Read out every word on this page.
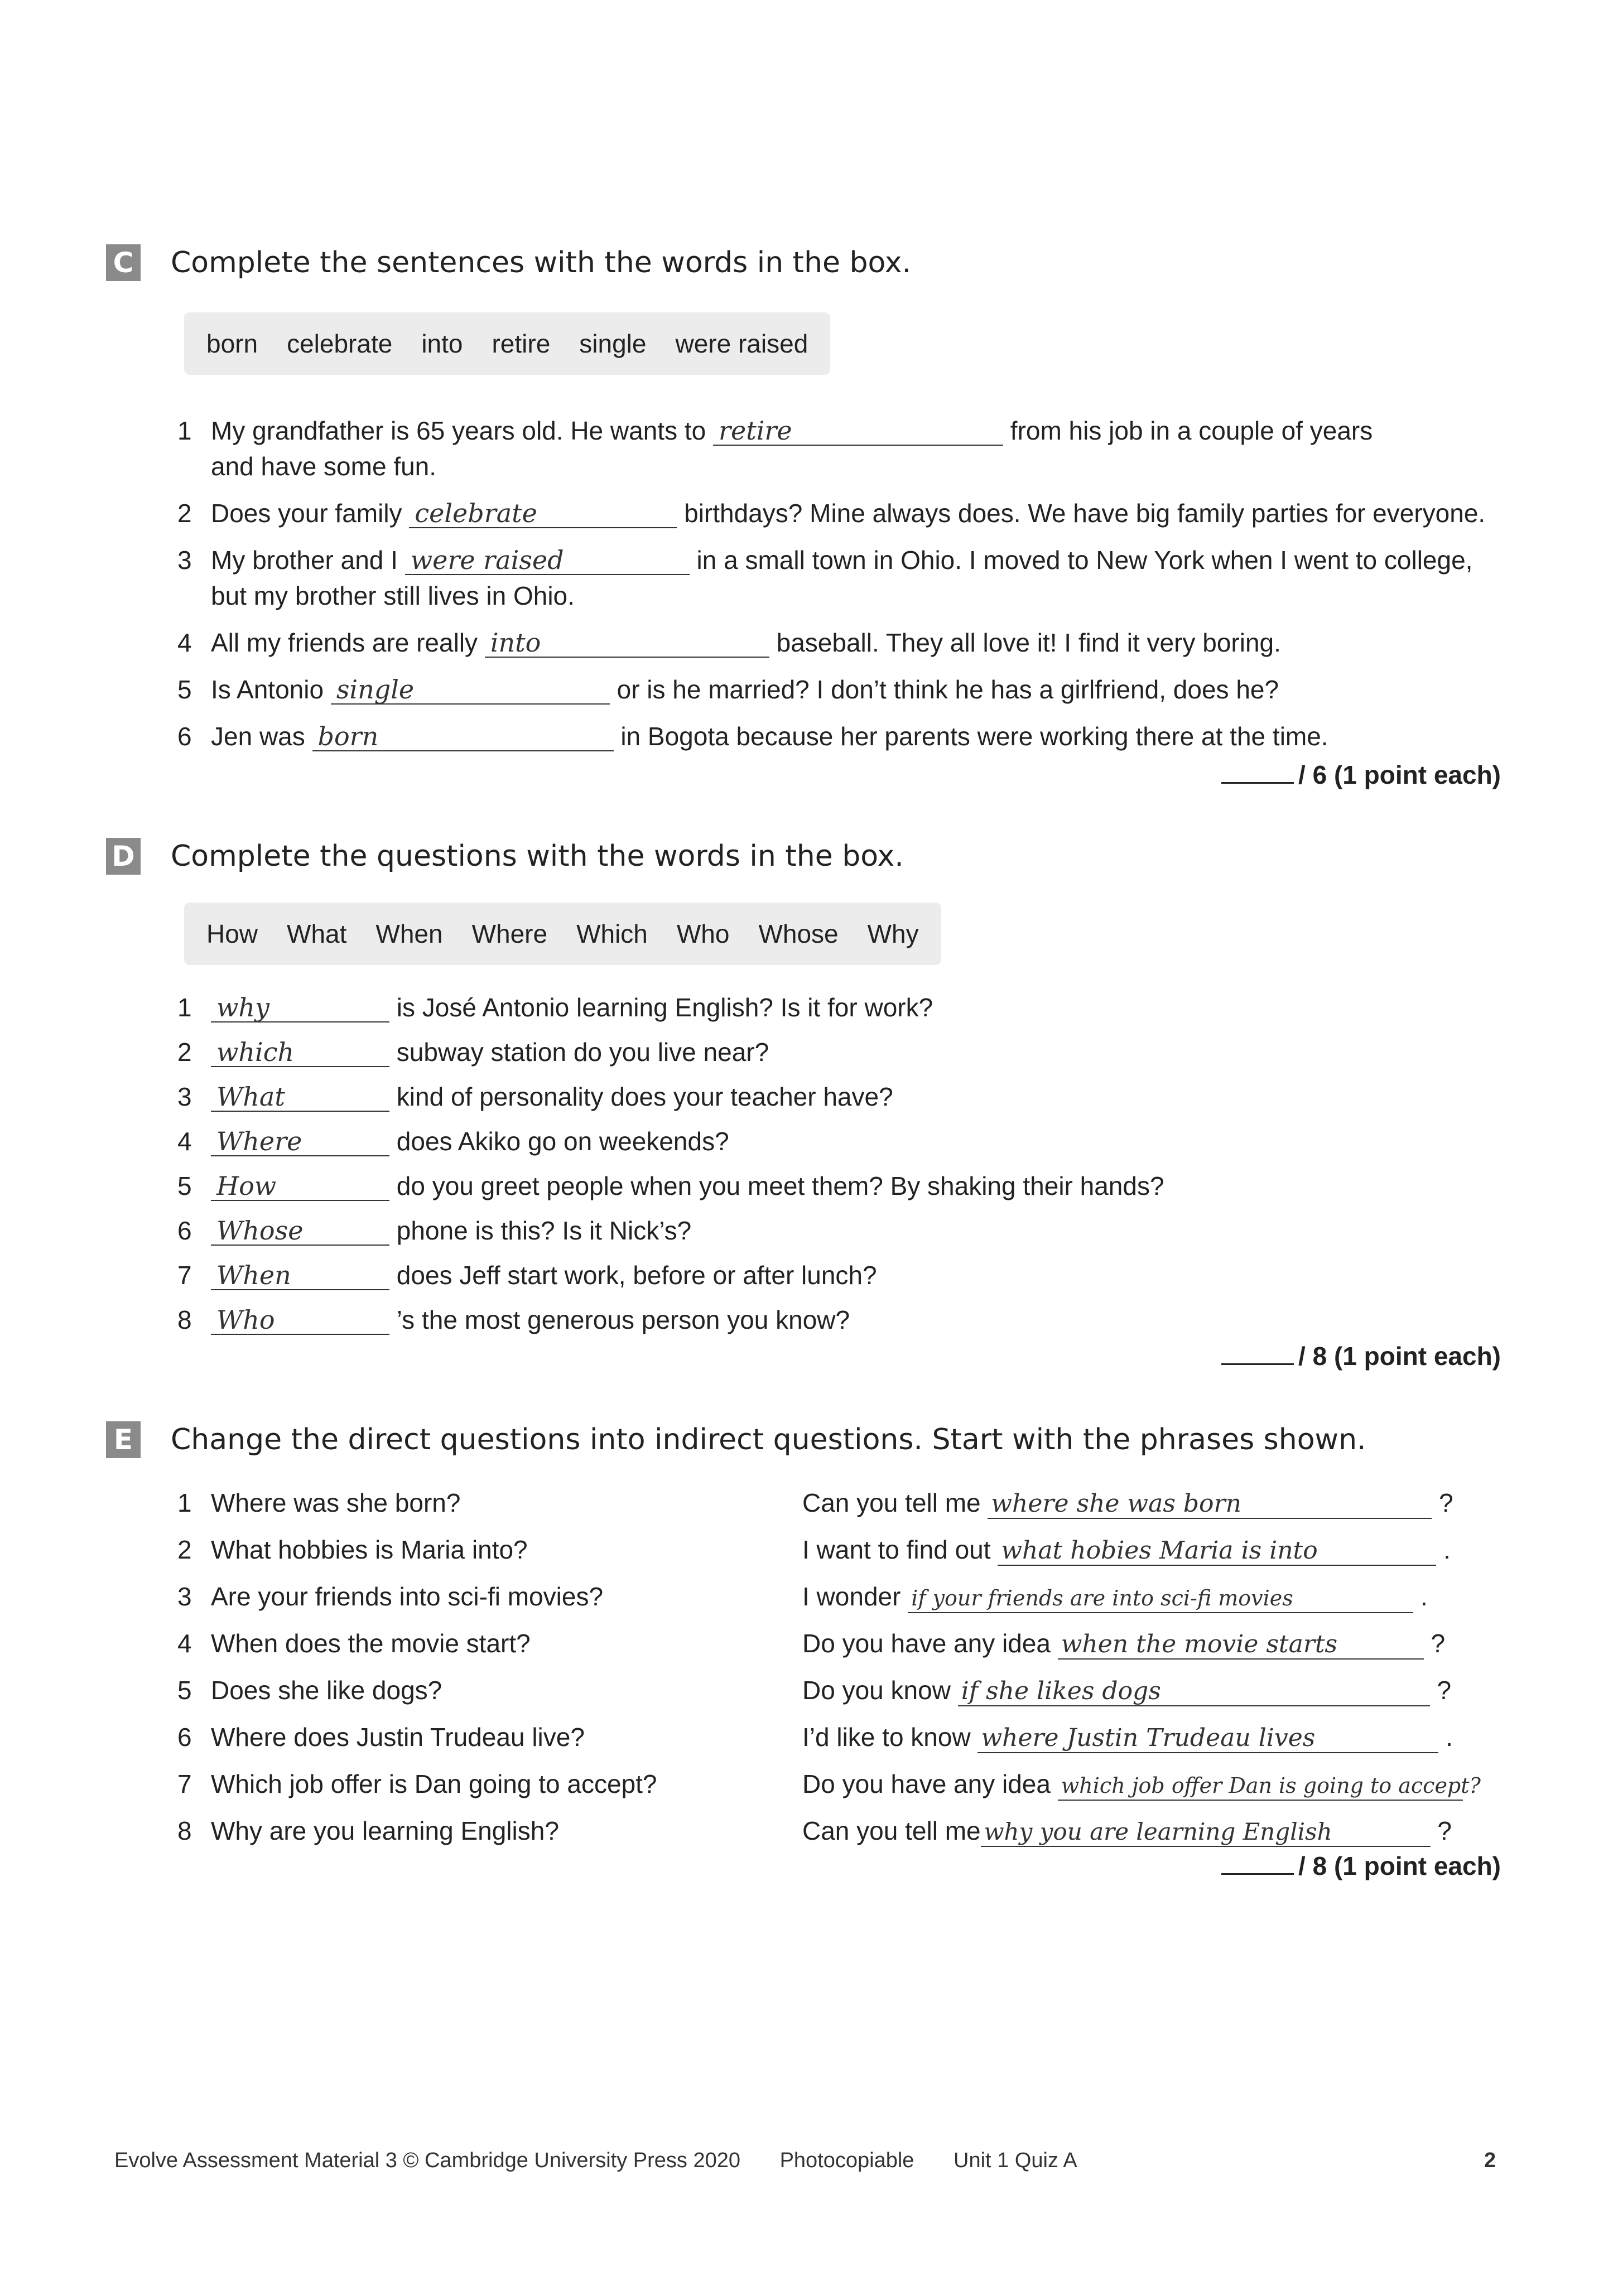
C Complete the sentences with the words in the box.
born celebrate into retire single were raised
1 My grandfather is 65 years old. He wants to retire	from his job in a couple of years
and have some fun.
2 Does your family celebrate	birthdays? Mine always does. We have big family parties for everyone.
3 My brother and I were raised	in a small town in Ohio. I moved to New York when I went to college,
but my brother still lives in Ohio.
4 All my friends are really into	baseball. They all love it! I find it very boring.
5 Is Antonio single	or is he married? I don’t think he has a girlfriend, does he?
6 Jen was born	in Bogota because her parents were working there at the time.
/ 6 (1 point each)
D Complete the questions with the words in the box.
How What When Where Which Who Whose Why
1 why	is José Antonio learning English? Is it for work?
2 which	subway station do you live near?
3 What	kind of personality does your teacher have?
4 Where	does Akiko go on weekends?
5 How	do you greet people when you meet them? By shaking their hands?
6 Whose	phone is this? Is it Nick’s?
7 When	does Jeff start work, before or after lunch?
8 Who	’s the most generous person you know?
/ 8 (1 point each)
E Change the direct questions into indirect questions. Start with the phrases shown.
1 Where was she born?	Can you tell me where she was born	?
2 What hobbies is Maria into?	I want to find out what hobies Maria is into	.
3 Are your friends into sci-fi movies?	I wonder if your friends are into sci-fi movies	.
4 When does the movie start?	Do you have any idea when the movie starts	?
5 Does she like dogs?	Do you know if she likes dogs	?
6 Where does Justin Trudeau live?	I’d like to know where Justin Trudeau lives	.
7 Which job offer is Dan going to accept?	Do you have any idea which job offer Dan is going to accept?
8 Why are you learning English?	Can you tell me why you are learning English	?
/ 8 (1 point each)
Evolve Assessment Material 3 © Cambridge University Press 2020 Photocopiable Unit 1 Quiz A	2
